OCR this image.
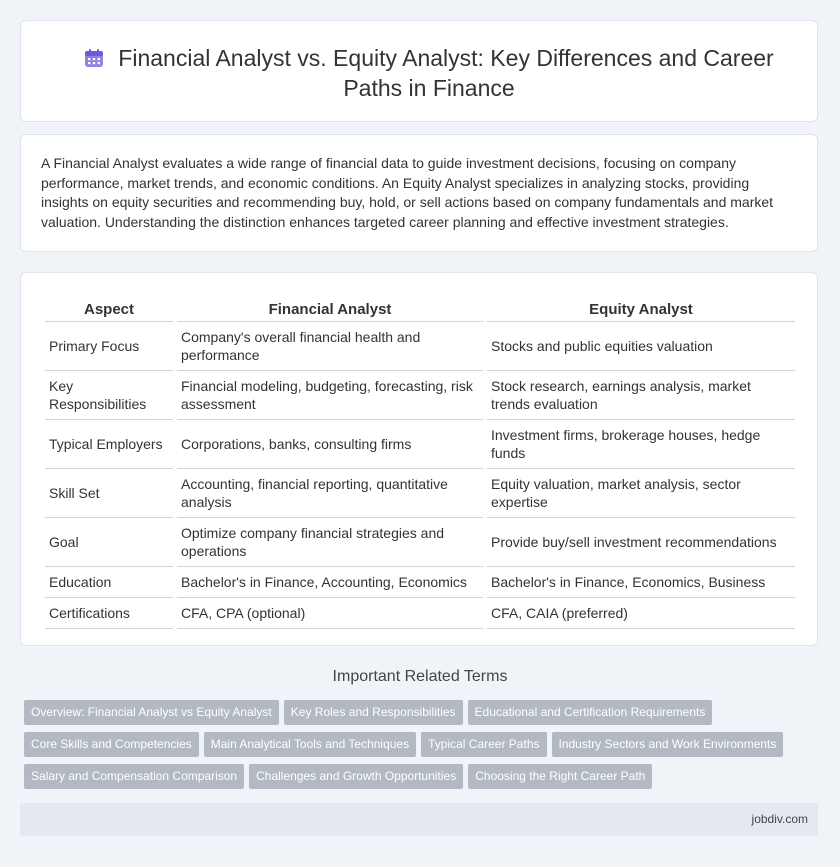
Financial Analyst vs. Equity Analyst: Key Differences and Career Paths in Finance

A Financial Analyst evaluates a wide range of financial data to guide investment decisions, focusing on company performance, market trends, and economic conditions. An Equity Analyst specializes in analyzing stocks, providing insights on equity securities and recommending buy, hold, or sell actions based on company fundamentals and market valuation. Understanding the distinction enhances targeted career planning and effective investment strategies.

Aspect	Financial Analyst	Equity Analyst
Primary Focus	Company's overall financial health and performance	Stocks and public equities valuation
Key Responsibilities	Financial modeling, budgeting, forecasting, risk assessment	Stock research, earnings analysis, market trends evaluation
Typical Employers	Corporations, banks, consulting firms	Investment firms, brokerage houses, hedge funds
Skill Set	Accounting, financial reporting, quantitative analysis	Equity valuation, market analysis, sector expertise
Goal	Optimize company financial strategies and operations	Provide buy/sell investment recommendations
Education	Bachelor's in Finance, Accounting, Economics	Bachelor's in Finance, Economics, Business
Certifications	CFA, CPA (optional)	CFA, CAIA (preferred)
Important Related Terms
Overview: Financial Analyst vs Equity Analyst Key Roles and Responsibilities Educational and Certification Requirements
Core Skills and Competencies Main Analytical Tools and Techniques Typical Career Paths Industry Sectors and Work Environments
Salary and Compensation Comparison Challenges and Growth Opportunities Choosing the Right Career Path
jobdiv.com
